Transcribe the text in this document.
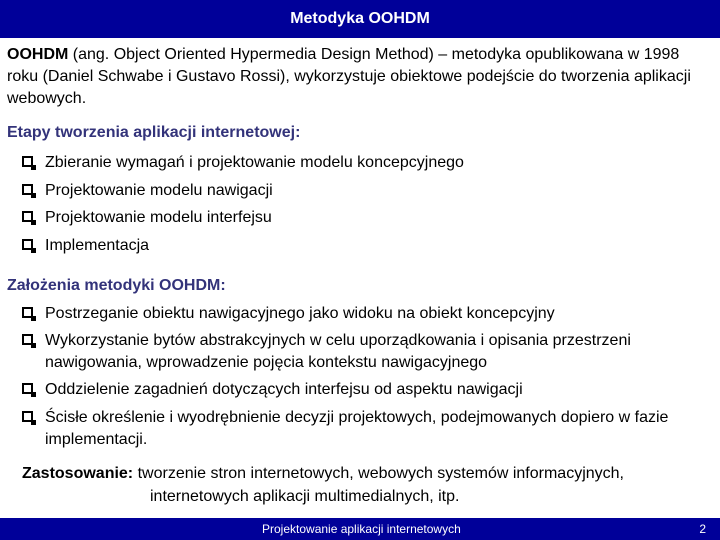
Metodyka OOHDM

OOHDM (ang. Object Oriented Hypermedia Design Method) – metodyka opublikowana w 1998 roku (Daniel Schwabe i Gustavo Rossi), wykorzystuje obiektowe podejście do tworzenia aplikacji webowych.

Etapy tworzenia aplikacji internetowej:

Zbieranie wymagań i projektowanie modelu koncepcyjnego
Projektowanie modelu nawigacji
Projektowanie modelu interfejsu
Implementacja

Założenia metodyki OOHDM:

Postrzeganie obiektu nawigacyjnego jako widoku na obiekt koncepcyjny
Wykorzystanie bytów abstrakcyjnych w celu uporządkowania i opisania przestrzeni nawigowania, wprowadzenie pojęcia kontekstu nawigacyjnego
Oddzielenie zagadnień dotyczących interfejsu od aspektu nawigacji
Ścisłe określenie i wyodrębnienie decyzji projektowych, podejmowanych dopiero w fazie implementacji.
Zastosowanie: tworzenie stron internetowych, webowych systemów informacyjnych,
internetowych aplikacji multimedialnych, itp.
Projektowanie aplikacji internetowych	2
